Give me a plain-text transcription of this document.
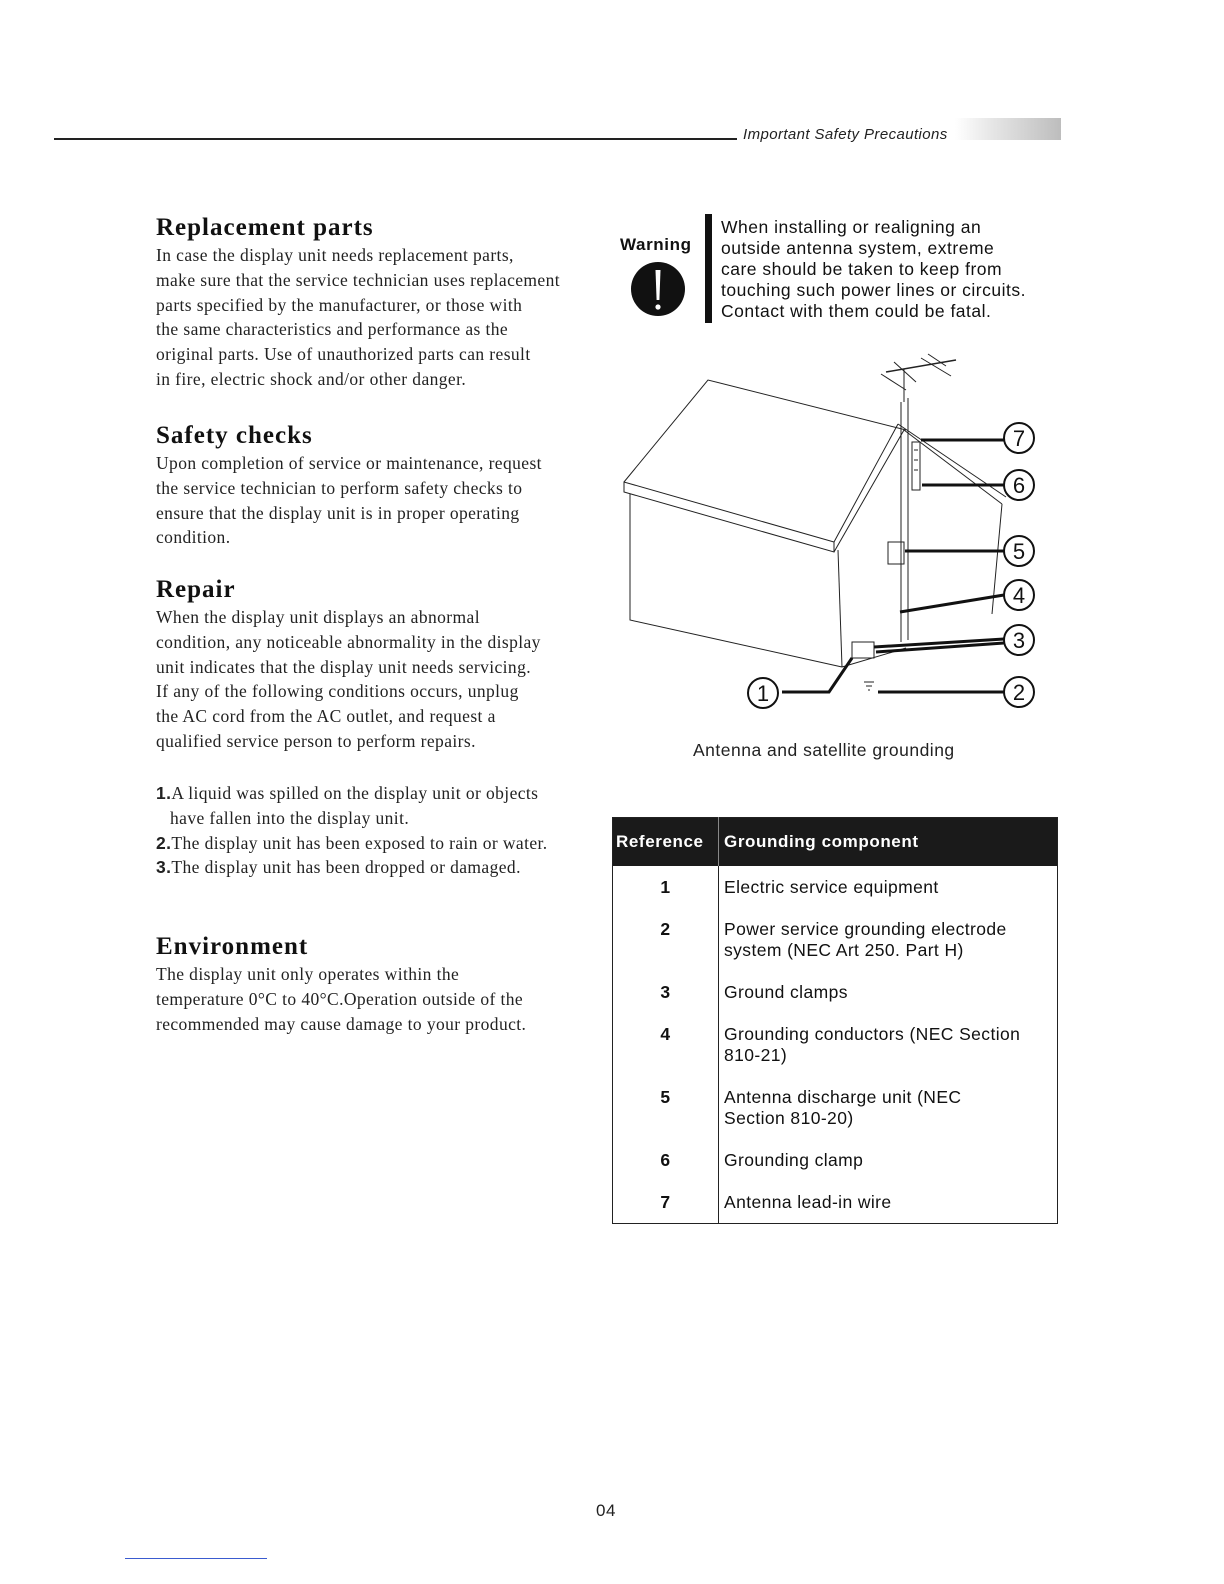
Important Safety Precautions
Replacement parts

In case the display unit needs replacement parts,
make sure that the service technician uses replacement
parts specified by the manufacturer, or those with
the same characteristics and performance as the
original parts. Use of unauthorized parts can result
in fire, electric shock and/or other danger.

Safety checks

Upon completion of service or maintenance, request
the service technician to perform safety checks to
ensure that the display unit is in proper operating
condition.

Repair

When the display unit displays an abnormal
condition, any noticeable abnormality in the display
unit indicates that the display unit needs servicing.
If any of the following conditions occurs, unplug
the AC cord from the AC outlet, and request a
qualified service person to perform repairs.

1.A liquid was spilled on the display unit or objects
have fallen into the display unit.
2.The display unit has been exposed to rain or water.
3.The display unit has been dropped or damaged.
Environment

The display unit only operates within the
temperature 0°C to 40°C.Operation outside of the
recommended may cause damage to your product.

Warning
When installing or realigning an
outside antenna system, extreme
care should be taken to keep from
touching such power lines or circuits.
Contact with them could be fatal.
7
6
5
4
3
2
1
Antenna and satellite grounding
Reference	Grounding component

1	Electric service equipment

2	Power service grounding electrode
system (NEC Art 250. Part H)

3	Ground clamps

4	Grounding conductors (NEC Section
810-21)

5	Antenna discharge unit (NEC
Section 810-20)

6	Grounding clamp

7	Antenna lead-in wire
04
